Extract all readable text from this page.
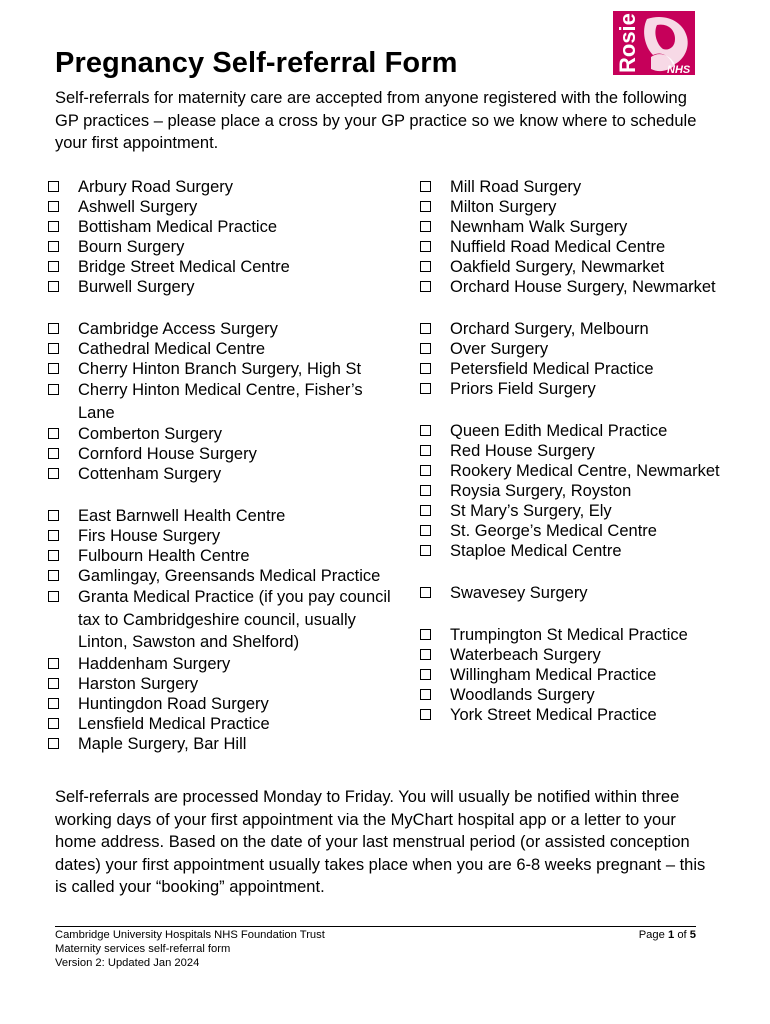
Rosie NHS
Pregnancy Self-referral Form
Self-referrals for maternity care are accepted from anyone registered with the following GP practices – please place a cross by your GP practice so we know where to schedule your first appointment.
Arbury Road Surgery
Ashwell Surgery
Bottisham Medical Practice
Bourn Surgery
Bridge Street Medical Centre
Burwell Surgery
Cambridge Access Surgery
Cathedral Medical Centre
Cherry Hinton Branch Surgery, High St
Cherry Hinton Medical Centre, Fisher’s Lane
Comberton Surgery
Cornford House Surgery
Cottenham Surgery
East Barnwell Health Centre
Firs House Surgery
Fulbourn Health Centre
Gamlingay, Greensands Medical Practice
Granta Medical Practice (if you pay council tax to Cambridgeshire council, usually Linton, Sawston and Shelford)
Haddenham Surgery
Harston Surgery
Huntingdon Road Surgery
Lensfield Medical Practice
Maple Surgery, Bar Hill
Mill Road Surgery
Milton Surgery
Newnham Walk Surgery
Nuffield Road Medical Centre
Oakfield Surgery, Newmarket
Orchard House Surgery, Newmarket
Orchard Surgery, Melbourn
Over Surgery
Petersfield Medical Practice
Priors Field Surgery
Queen Edith Medical Practice
Red House Surgery
Rookery Medical Centre, Newmarket
Roysia Surgery, Royston
St Mary’s Surgery, Ely
St. George’s Medical Centre
Staploe Medical Centre
Swavesey Surgery
Trumpington St Medical Practice
Waterbeach Surgery
Willingham Medical Practice
Woodlands Surgery
York Street Medical Practice
Self-referrals are processed Monday to Friday. You will usually be notified within three working days of your first appointment via the MyChart hospital app or a letter to your home address. Based on the date of your last menstrual period (or assisted conception dates) your first appointment usually takes place when you are 6-8 weeks pregnant – this is called your “booking” appointment.
Cambridge University Hospitals NHS Foundation Trust
Maternity services self-referral form
Version 2: Updated Jan 2024
Page 1 of 5
